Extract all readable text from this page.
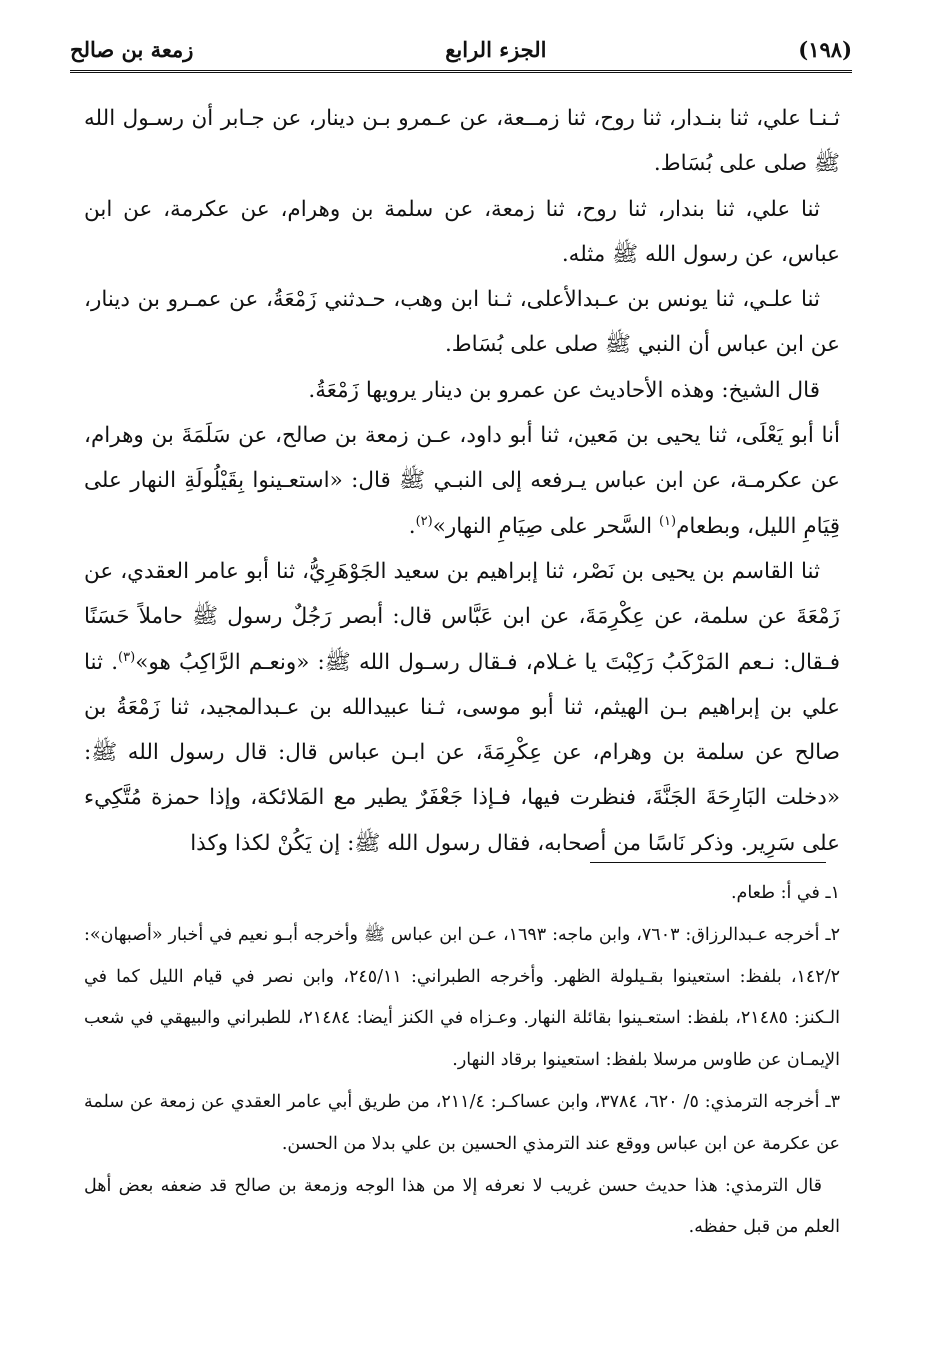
(١٩٨)
الجزء الرابع
زمعة بن صالح

ثـنـا علي، ثنا بنـدار، ثنا روح، ثنا زمــعة، عن عـمرو بـن دينار، عن جـابر أن رسـول الله ﷺ صلى على بُسَاط.

ثنا علي، ثنا بندار، ثنا روح، ثنا زمعة، عن سلمة بن وهرام، عن عكرمة، عن ابن عباس، عن رسول الله ﷺ مثله.

ثنا علـي، ثنا يونس بن عـبدالأعلى، ثـنا ابن وهب، حـدثني زَمْعَةُ، عن عمـرو بن دينار، عن ابن عباس أن النبي ﷺ صلى على بُسَاط.

قال الشيخ: وهذه الأحاديث عن عمرو بن دينار يرويها زَمْعَةُ.

أنا أبو يَعْلَى، ثنا يحيى بن مَعين، ثنا أبو داود، عـن زمعة بن صالح، عن سَلَمَةَ بن وهرام، عن عكرمـة، عن ابن عباس يـرفعه إلى النبـي ﷺ قال: «استعـينوا بِقَيْلُولَةِ النهار على قِيَامِ الليل، وبطعام$^{(١)}$ السَّحر على صِيَامِ النهار»$^{(٢)}$.

ثنا القاسم بن يحيى بن نَصْر، ثنا إبراهيم بن سعيد الجَوْهَرِيُّ، ثنا أبو عامر العقدي، عن زَمْعَةَ عن سلمة، عن عِكْرِمَةَ، عن ابن عَبَّاس قال: أبصر رَجُلٌ رسول ﷺ حاملاً حَسَنًا فـقال: نـعم المَرْكَبُ رَكِبْتَ يا غـلام، فـقال رسـول الله ﷺ: «ونعـم الرَّاكِبُ هو»$^{(٣)}$. ثنا علي بن إبراهيم بـن الهيثم، ثنا أبو موسى، ثـنا عبيدالله بن عـبدالمجيد، ثنا زَمْعَةُ بن صالح عن سلمة بن وهرام، عن عِكْرِمَةَ، عن ابـن عباس قال: قال رسول الله ﷺ: «دخلت البَارِحَةَ الجَنَّةَ، فنظرت فيها، فـإذا جَعْفَرٌ يطير مع المَلائكة، وإذا حمزة مُتَّكِيء على سَرِير. وذكر نَاسًا من أصحابه، فقال رسول الله ﷺ: إن يَكُنْ لكذا وكذا

١ـ في أ: طعام.

٢ـ أخرجه عـبدالرزاق: ٧٦٠٣، وابن ماجه: ١٦٩٣، عـن ابن عباس ﷺ وأخرجه أبـو نعيم في أخبار «أصبهان»: ١٤٢/٢، بلفظ: استعينوا بقـيلولة الظهر. وأخرجه الطبراني: ٢٤٥/١١، وابن نصر في قيام الليل كما في الـكنز: ٢١٤٨٥، بلفظ: استعـينوا بقائلة النهار. وعـزاه في الكنز أيضا: ٢١٤٨٤، للطبراني والبيهقي في شعب الإيمـان عن طاوس مرسلا بلفظ: استعينوا برقاد النهار.

٣ـ أخرجه الترمذي: ٥/ ٦٢٠، ٣٧٨٤، وابن عساكـر: ٢١١/٤، من طريق أبي عامر العقدي عن زمعة عن سلمة عن عكرمة عن ابن عباس ووقع عند الترمذي الحسين بن علي بدلا من الحسن.

قال الترمذي: هذا حديث حسن غريب لا نعرفه إلا من هذا الوجه وزمعة بن صالح قد ضعفه بعض أهل العلم من قبل حفظه.
